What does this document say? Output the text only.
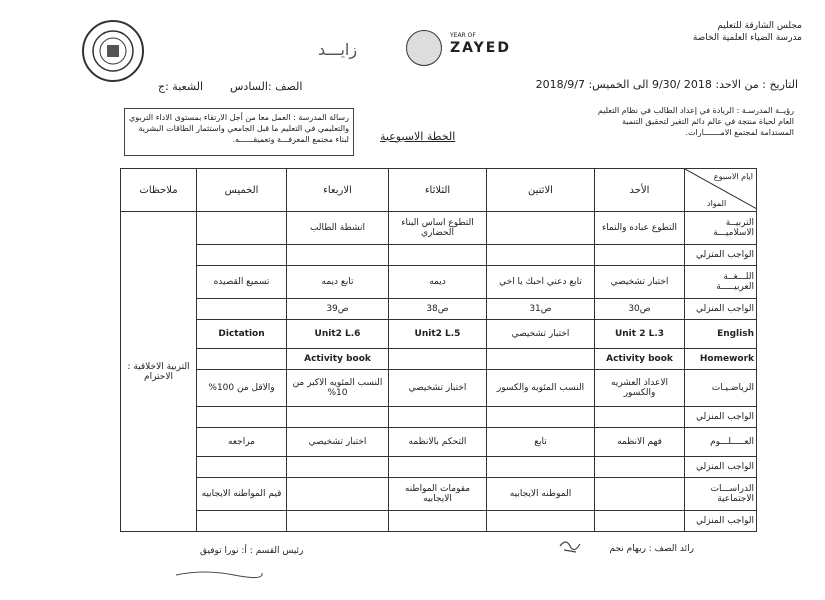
مجلس الشارقة للتعليم
مدرسة الضياء العلمية الخاصة
زايـــد
YEAR OF
ZAYED
التاريخ : من الاحد: 2018 /9/30 الى الخميس: 2018/9/7
الصف :السادس
الشعبة :ج
رؤيــة المدرسـة : الريادة في إعداد الطالب في نظام التعليم العام لحياة منتجة في عالم دائم التغير لتحقيق التنمية المستدامة لمجتمع الامـــــــارات.
الخطة الاسبوعية
رسالة المدرسة : العمل معا من أجل الارتقاء بمستوى الاداء التربوي والتعليمي في التعليم ما قبل الجامعي واستثمار الطاقات البشرية لبناء مجتمع المعرفـــة وتعميقــــــه.
رائد الصف : ريهام نجم
رئيس القسم : أ: نورا توفيق
ايام الاسبوع
المواد	الأحد	الاثنين	الثلاثاء	الاربعاء	الخميس	ملاحظات
التربيــة الاسلاميـــة	التطوع عباده والنماء		التطوع اساس البناء الحضاري	انشطة الطالب		التربية الاخلاقية : الاحترام
الواجب المنزلي						
اللـــغــة العربيـــــة	اختبار تشخيصي	تابع دعني احبك يا اخي	ديمه	تابع ديمه	تسميع القصيده	
الواجب المنزلي	ص30	ص31	ص38	ص39		
English	Unit 2 L.3	اختبار تشخيصي	Unit2 L.5	Unit2 L.6	Dictation	
Homework	Activity book			Activity book		
الرياضـيـات	الاعداد العشريه والكسور	النسب المئويه والكسور	اختبار تشخيصي	النسب المئويه الاكبر من 10%	والاقل من 100%	
الواجب المنزلي						
العـــــلـــوم	فهم الانظمه	تابع	التحكم بالانظمه	اختبار تشخيصي	مراجعه	
الواجب المنزلي						
الدراســـات الاجتماعية		الموطنه الايجابيه	مقومات المواطنه الايجابيه		قيم المواطنه الايجابيه	
الواجب المنزلي						
